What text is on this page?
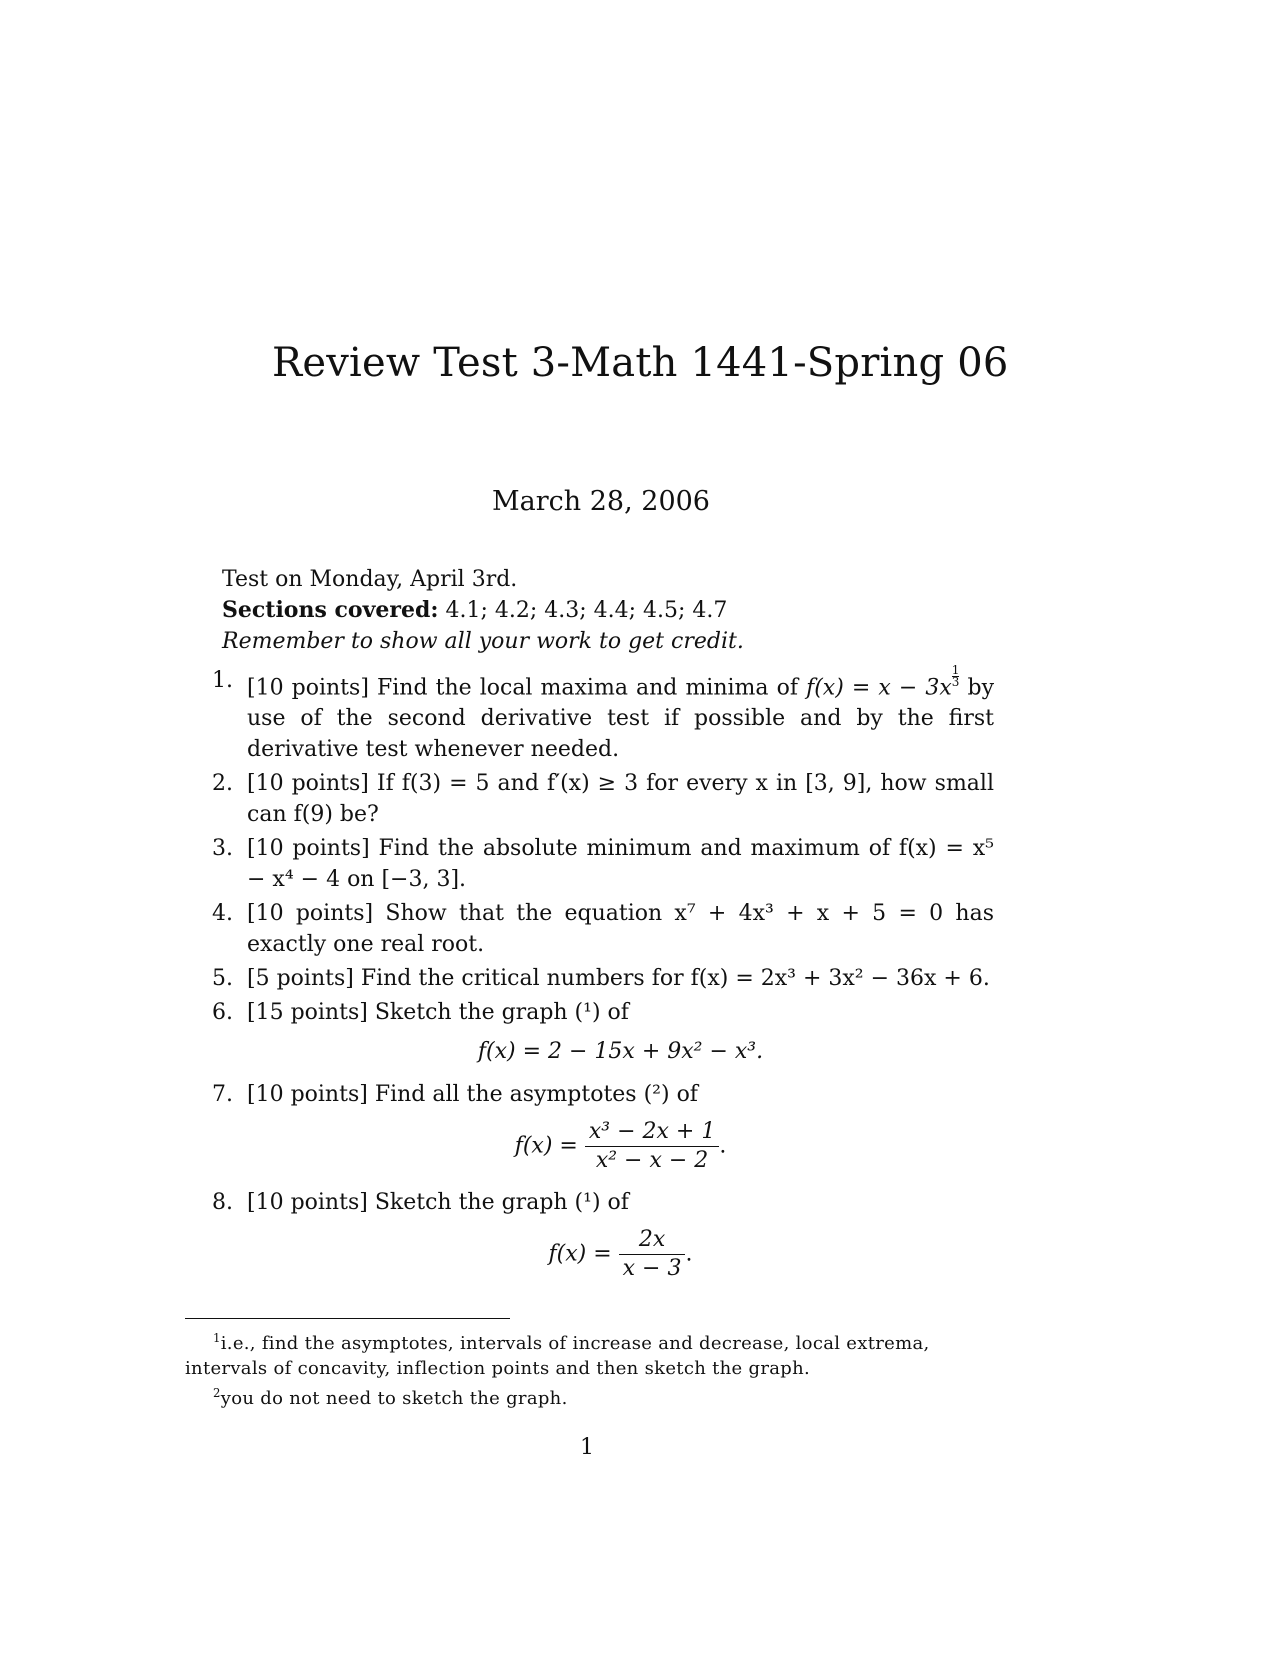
Review Test 3-Math 1441-Spring 06
March 28, 2006
Test on Monday, April 3rd.
Sections covered: 4.1; 4.2; 4.3; 4.4; 4.5; 4.7
Remember to show all your work to get credit.
1. [10 points] Find the local maxima and minima of $f(x) = x - 3x \frac{1}{3}$ by use of the second derivative test if possible and by the first derivative test whenever needed.
2. [10 points] If f(3) = 5 and f′(x) ≥ 3 for every x in [3, 9], how small can f(9) be?
3. [10 points] Find the absolute minimum and maximum of f(x) = x⁵ − x⁴ − 4 on [−3, 3].
4. [10 points] Show that the equation x⁷ + 4x³ + x + 5 = 0 has exactly one real root.
5. [5 points] Find the critical numbers for f(x) = 2x³ + 3x² − 36x + 6.
6. [15 points] Sketch the graph (¹) of
f(x) = 2 − 15x + 9x² − x³.
7. [10 points] Find all the asymptotes (²) of
$f(x) = \frac{\text{x³ − 2x + 1}}{\text{x² − x − 2}}$ .
8. [10 points] Sketch the graph (¹) of
$f(x) = \frac{2x}{x - 3}$ .

$^1$i.e., find the asymptotes, intervals of increase and decrease, local extrema, intervals of concavity, inflection points and then sketch the graph.

$^2$you do not need to sketch the graph.

1
